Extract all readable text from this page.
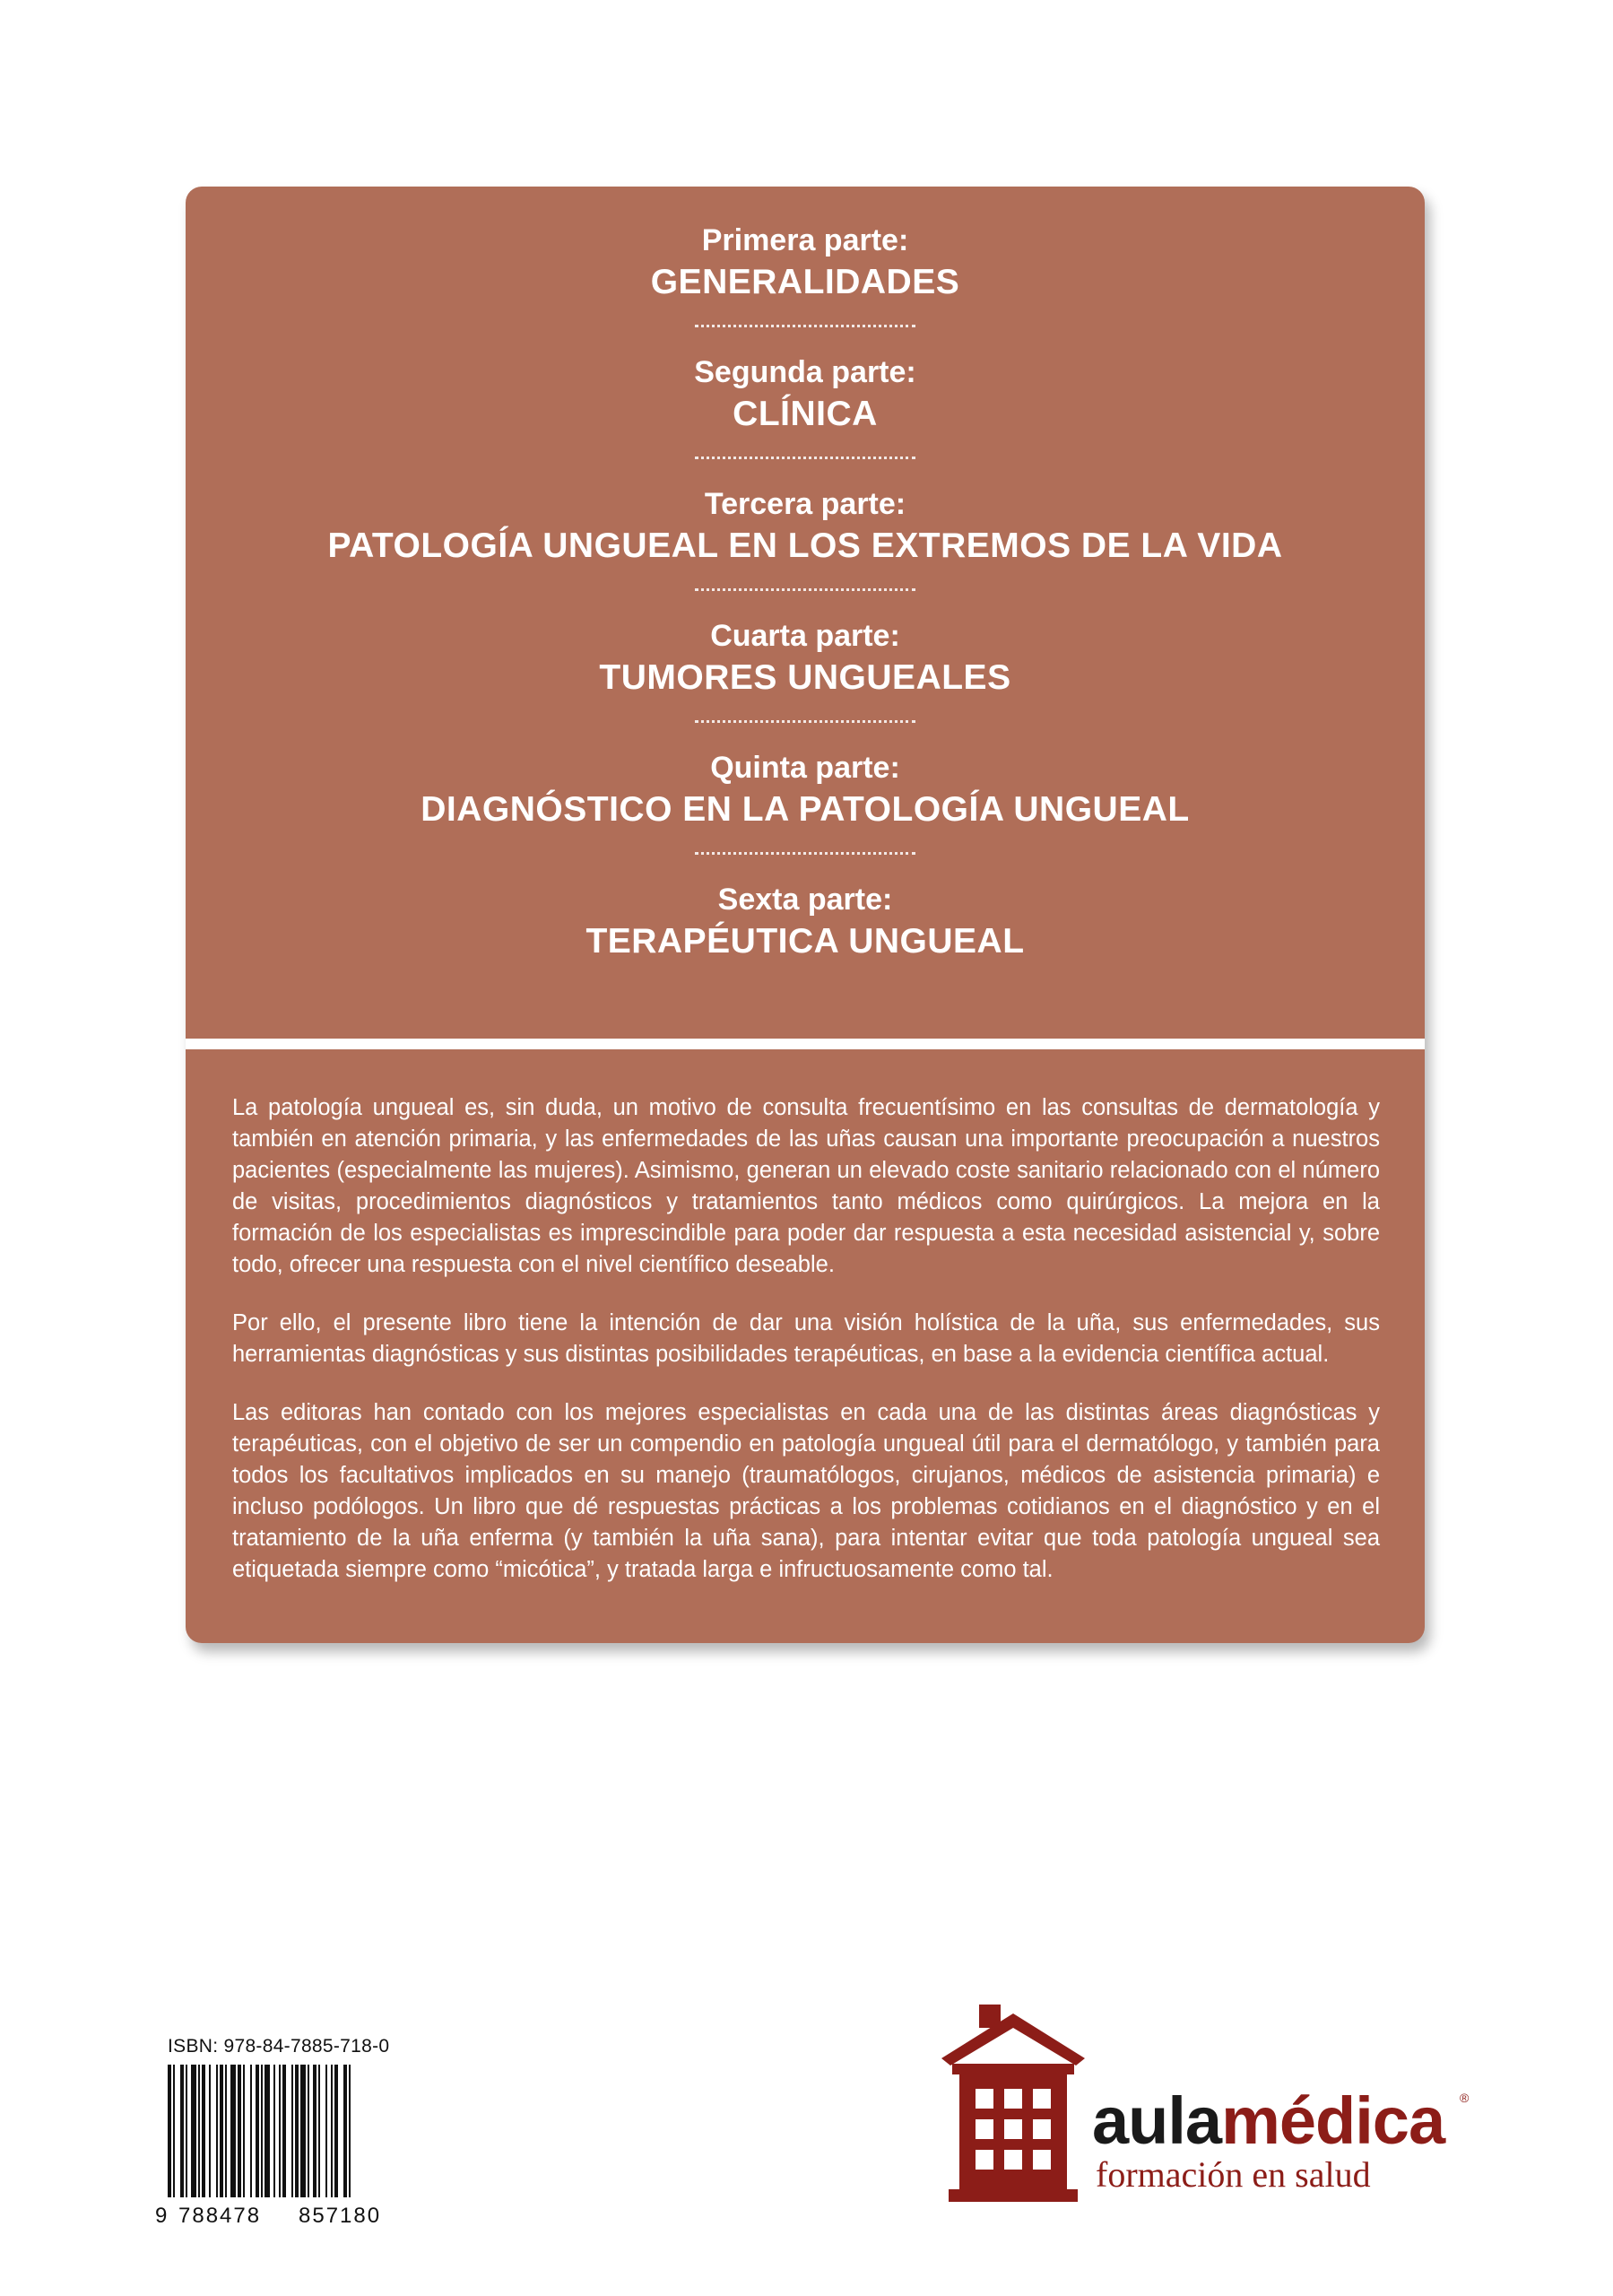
Primera parte:
GENERALIDADES
Segunda parte:
CLÍNICA
Tercera parte:
PATOLOGÍA UNGUEAL EN LOS EXTREMOS DE LA VIDA
Cuarta parte:
TUMORES UNGUEALES
Quinta parte:
DIAGNÓSTICO EN LA PATOLOGÍA UNGUEAL
Sexta parte:
TERAPÉUTICA UNGUEAL

La patología ungueal es, sin duda, un motivo de consulta frecuentísimo en las consultas de dermatología y también en atención primaria, y las enfermedades de las uñas causan una importante preocupación a nuestros pacientes (especialmente las mujeres). Asimismo, generan un elevado coste sanitario relacionado con el número de visitas, procedimientos diagnósticos y tratamientos tanto médicos como quirúrgicos. La mejora en la formación de los especialistas es imprescindible para poder dar respuesta a esta necesidad asistencial y, sobre todo, ofrecer una respuesta con el nivel científico deseable.

Por ello, el presente libro tiene la intención de dar una visión holística de la uña, sus enfermedades, sus herramientas diagnósticas y sus distintas posibilidades terapéuticas, en base a la evidencia científica actual.

Las editoras han contado con los mejores especialistas en cada una de las distintas áreas diagnósticas y terapéuticas, con el objetivo de ser un compendio en patología ungueal útil para el dermatólogo, y también para todos los facultativos implicados en su manejo (traumatólogos, cirujanos, médicos de asistencia primaria) e incluso podólogos. Un libro que dé respuestas prácticas a los problemas cotidianos en el diagnóstico y en el tratamiento de la uña enferma (y también la uña sana), para intentar evitar que toda patología ungueal sea etiquetada siempre como “micótica”, y tratada larga e infructuosamente como tal.

ISBN: 978-84-7885-718-0
9 788478 857180
aulamédica ®
formación en salud
